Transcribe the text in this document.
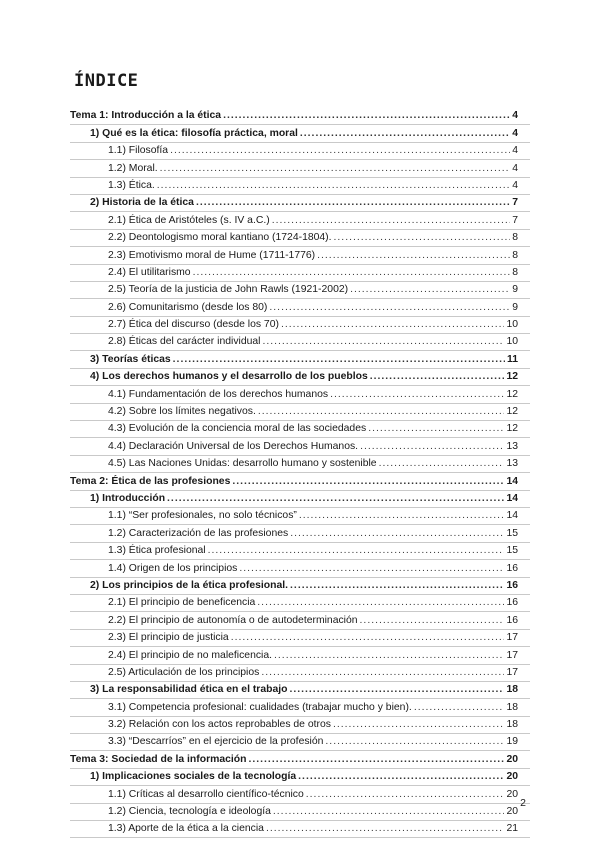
ÍNDICE
Tema 1: Introducción a la ética .....	4
1) Qué es la ética: filosofía práctica, moral .....	4
1.1) Filosofía .....	4
1.2) Moral. .....	4
1.3) Ética. .....	4
2) Historia de la ética .....	7
2.1) Ética de Aristóteles (s. IV a.C.) .....	7
2.2) Deontologismo moral kantiano (1724-1804). .....	8
2.3) Emotivismo moral de Hume (1711-1776) .....	8
2.4) El utilitarismo .....	8
2.5) Teoría de la justicia de John Rawls (1921-2002) .....	9
2.6) Comunitarismo (desde los 80) .....	9
2.7) Ética del discurso (desde los 70) .....	10
2.8) Éticas del carácter individual .....	10
3) Teorías éticas .....	11
4) Los derechos humanos y el desarrollo de los pueblos .....	12
4.1) Fundamentación de los derechos humanos .....	12
4.2) Sobre los límites negativos. .....	12
4.3) Evolución de la conciencia moral de las sociedades .....	12
4.4) Declaración Universal de los Derechos Humanos. .....	13
4.5) Las Naciones Unidas: desarrollo humano y sostenible .....	13
Tema 2: Ética de las profesiones .....	14
1) Introducción .....	14
1.1) “Ser profesionales, no solo técnicos” .....	14
1.2) Caracterización de las profesiones .....	15
1.3) Ética profesional .....	15
1.4) Origen de los principios .....	16
2) Los principios de la ética profesional. .....	16
2.1) El principio de beneficencia .....	16
2.2) El principio de autonomía o de autodeterminación .....	16
2.3) El principio de justicia .....	17
2.4) El principio de no maleficencia. .....	17
2.5) Articulación de los principios .....	17
3) La responsabilidad ética en el trabajo .....	18
3.1) Competencia profesional: cualidades (trabajar mucho y bien). .....	18
3.2) Relación con los actos reprobables de otros .....	18
3.3) “Descarríos” en el ejercicio de la profesión .....	19
Tema 3: Sociedad de la información .....	20
1) Implicaciones sociales de la tecnología .....	20
1.1) Críticas al desarrollo científico-técnico .....	20
1.2) Ciencia, tecnología e ideología .....	20
1.3) Aporte de la ética a la ciencia .....	21
2
